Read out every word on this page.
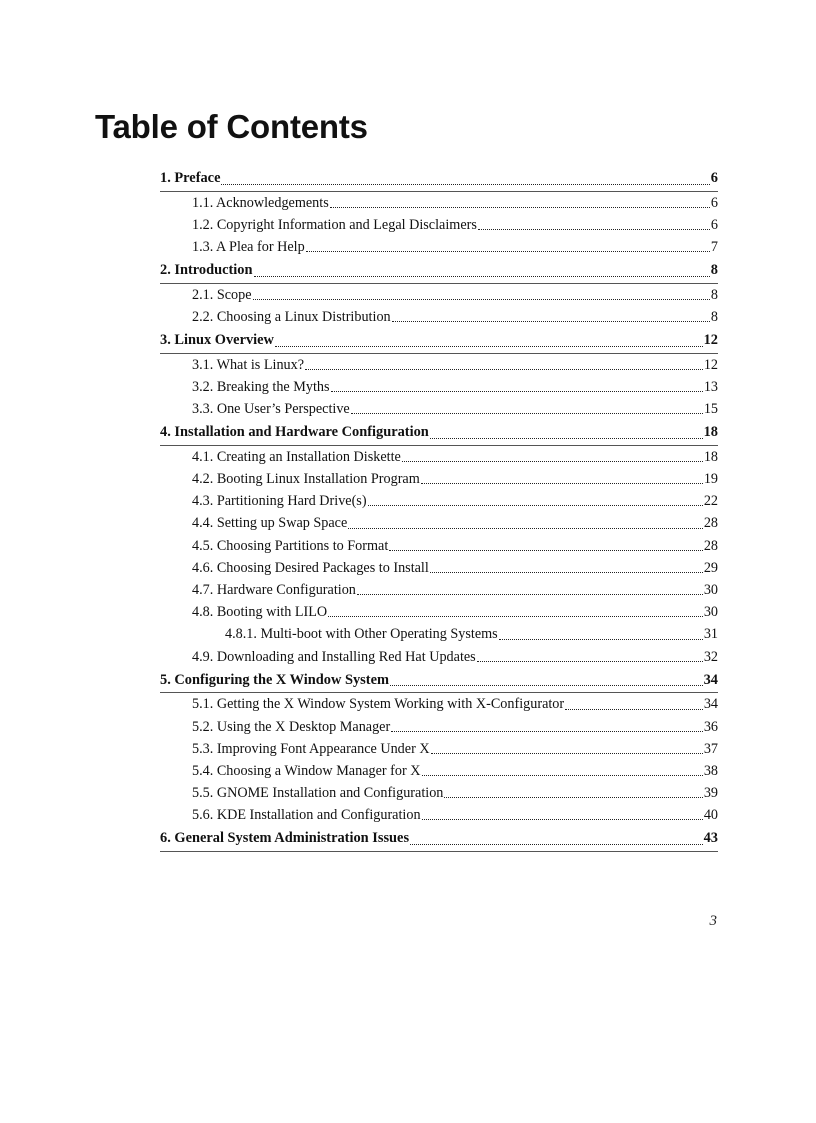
Table of Contents
1. Preface	6
1.1. Acknowledgements	6
1.2. Copyright Information and Legal Disclaimers	6
1.3. A Plea for Help	7
2. Introduction	8
2.1. Scope	8
2.2. Choosing a Linux Distribution	8
3. Linux Overview	12
3.1. What is Linux?	12
3.2. Breaking the Myths	13
3.3. One User’s Perspective	15
4. Installation and Hardware Configuration	18
4.1. Creating an Installation Diskette	18
4.2. Booting Linux Installation Program	19
4.3. Partitioning Hard Drive(s)	22
4.4. Setting up Swap Space	28
4.5. Choosing Partitions to Format	28
4.6. Choosing Desired Packages to Install	29
4.7. Hardware Configuration	30
4.8. Booting with LILO	30
4.8.1. Multi-boot with Other Operating Systems	31
4.9. Downloading and Installing Red Hat Updates	32
5. Configuring the X Window System	34
5.1. Getting the X Window System Working with X-Configurator	34
5.2. Using the X Desktop Manager	36
5.3. Improving Font Appearance Under X	37
5.4. Choosing a Window Manager for X	38
5.5. GNOME Installation and Configuration	39
5.6. KDE Installation and Configuration	40
6. General System Administration Issues	43
3
